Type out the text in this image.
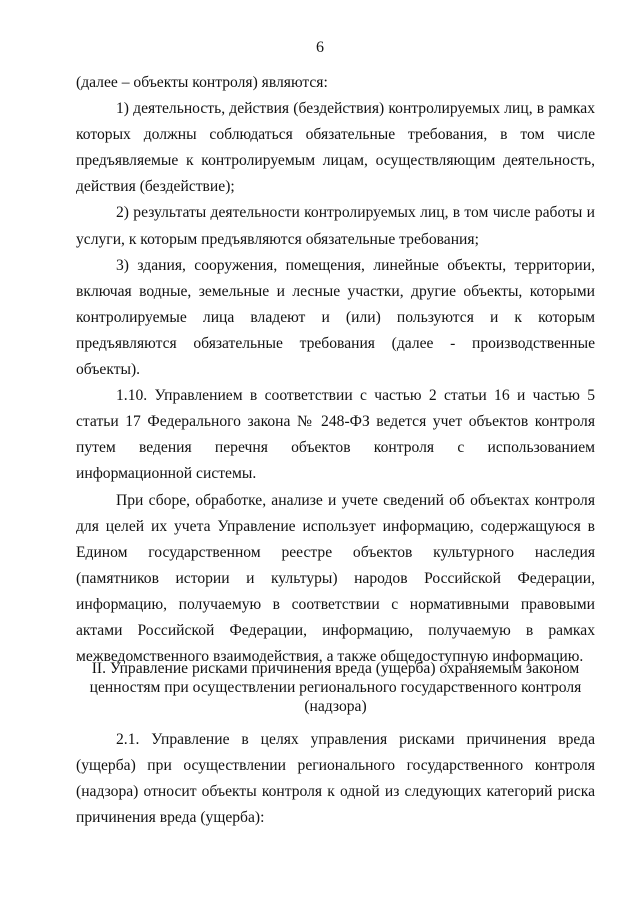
6

(далее – объекты контроля) являются:

1) деятельность, действия (бездействия) контролируемых лиц, в рамках которых должны соблюдаться обязательные требования, в том числе предъявляемые к контролируемым лицам, осуществляющим деятельность, действия (бездействие);

2) результаты деятельности контролируемых лиц, в том числе работы и услуги, к которым предъявляются обязательные требования;

3) здания, сооружения, помещения, линейные объекты, территории, включая водные, земельные и лесные участки, другие объекты, которыми контролируемые лица владеют и (или) пользуются и к которым предъявляются обязательные требования (далее - производственные объекты).

1.10. Управлением в соответствии с частью 2 статьи 16 и частью 5 статьи 17 Федерального закона № 248-ФЗ ведется учет объектов контроля путем ведения перечня объектов контроля с использованием информационной системы.

При сборе, обработке, анализе и учете сведений об объектах контроля для целей их учета Управление использует информацию, содержащуюся в Едином государственном реестре объектов культурного наследия (памятников истории и культуры) народов Российской Федерации, информацию, получаемую в соответствии с нормативными правовыми актами Российской Федерации, информацию, получаемую в рамках межведомственного взаимодействия, а также общедоступную информацию.

II. Управление рисками причинения вреда (ущерба) охраняемым законом ценностям при осуществлении регионального государственного контроля (надзора)

2.1. Управление в целях управления рисками причинения вреда (ущерба) при осуществлении регионального государственного контроля (надзора) относит объекты контроля к одной из следующих категорий риска причинения вреда (ущерба):
